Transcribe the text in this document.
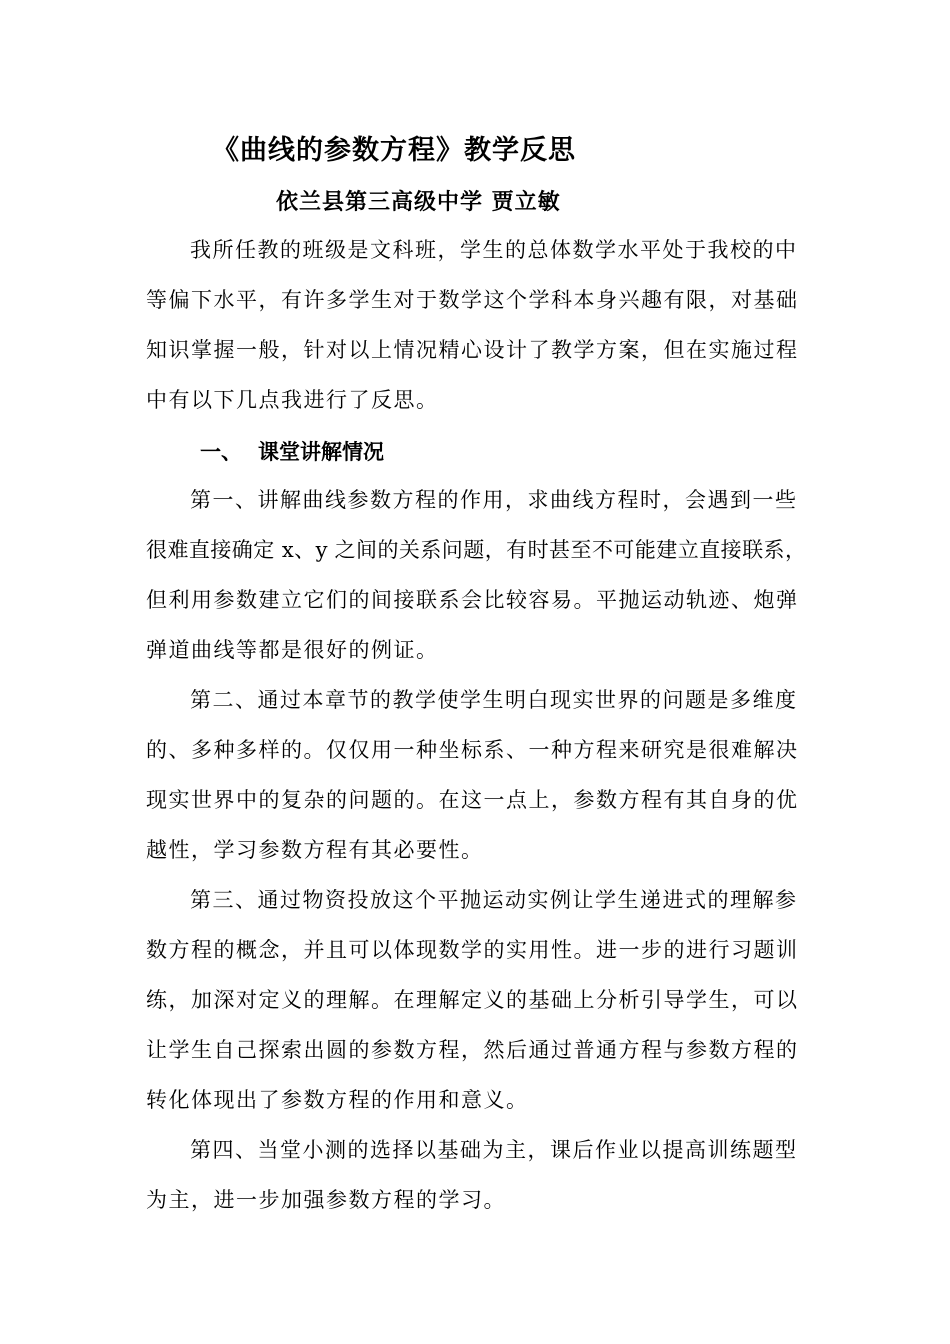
《曲线的参数方程》教学反思
依兰县第三高级中学 贾立敏
我所任教的班级是文科班，学生的总体数学水平处于我校的中
等偏下水平，有许多学生对于数学这个学科本身兴趣有限，对基础
知识掌握一般，针对以上情况精心设计了教学方案，但在实施过程
中有以下几点我进行了反思。
一、 课堂讲解情况
第一、讲解曲线参数方程的作用，求曲线方程时，会遇到一些
很难直接确定 x、y 之间的关系问题，有时甚至不可能建立直接联系，
但利用参数建立它们的间接联系会比较容易。平抛运动轨迹、炮弹
弹道曲线等都是很好的例证。
第二、通过本章节的教学使学生明白现实世界的问题是多维度
的、多种多样的。仅仅用一种坐标系、一种方程来研究是很难解决
现实世界中的复杂的问题的。在这一点上，参数方程有其自身的优
越性，学习参数方程有其必要性。
第三、通过物资投放这个平抛运动实例让学生递进式的理解参
数方程的概念，并且可以体现数学的实用性。进一步的进行习题训
练，加深对定义的理解。在理解定义的基础上分析引导学生，可以
让学生自己探索出圆的参数方程，然后通过普通方程与参数方程的
转化体现出了参数方程的作用和意义。
第四、当堂小测的选择以基础为主，课后作业以提高训练题型
为主，进一步加强参数方程的学习。
